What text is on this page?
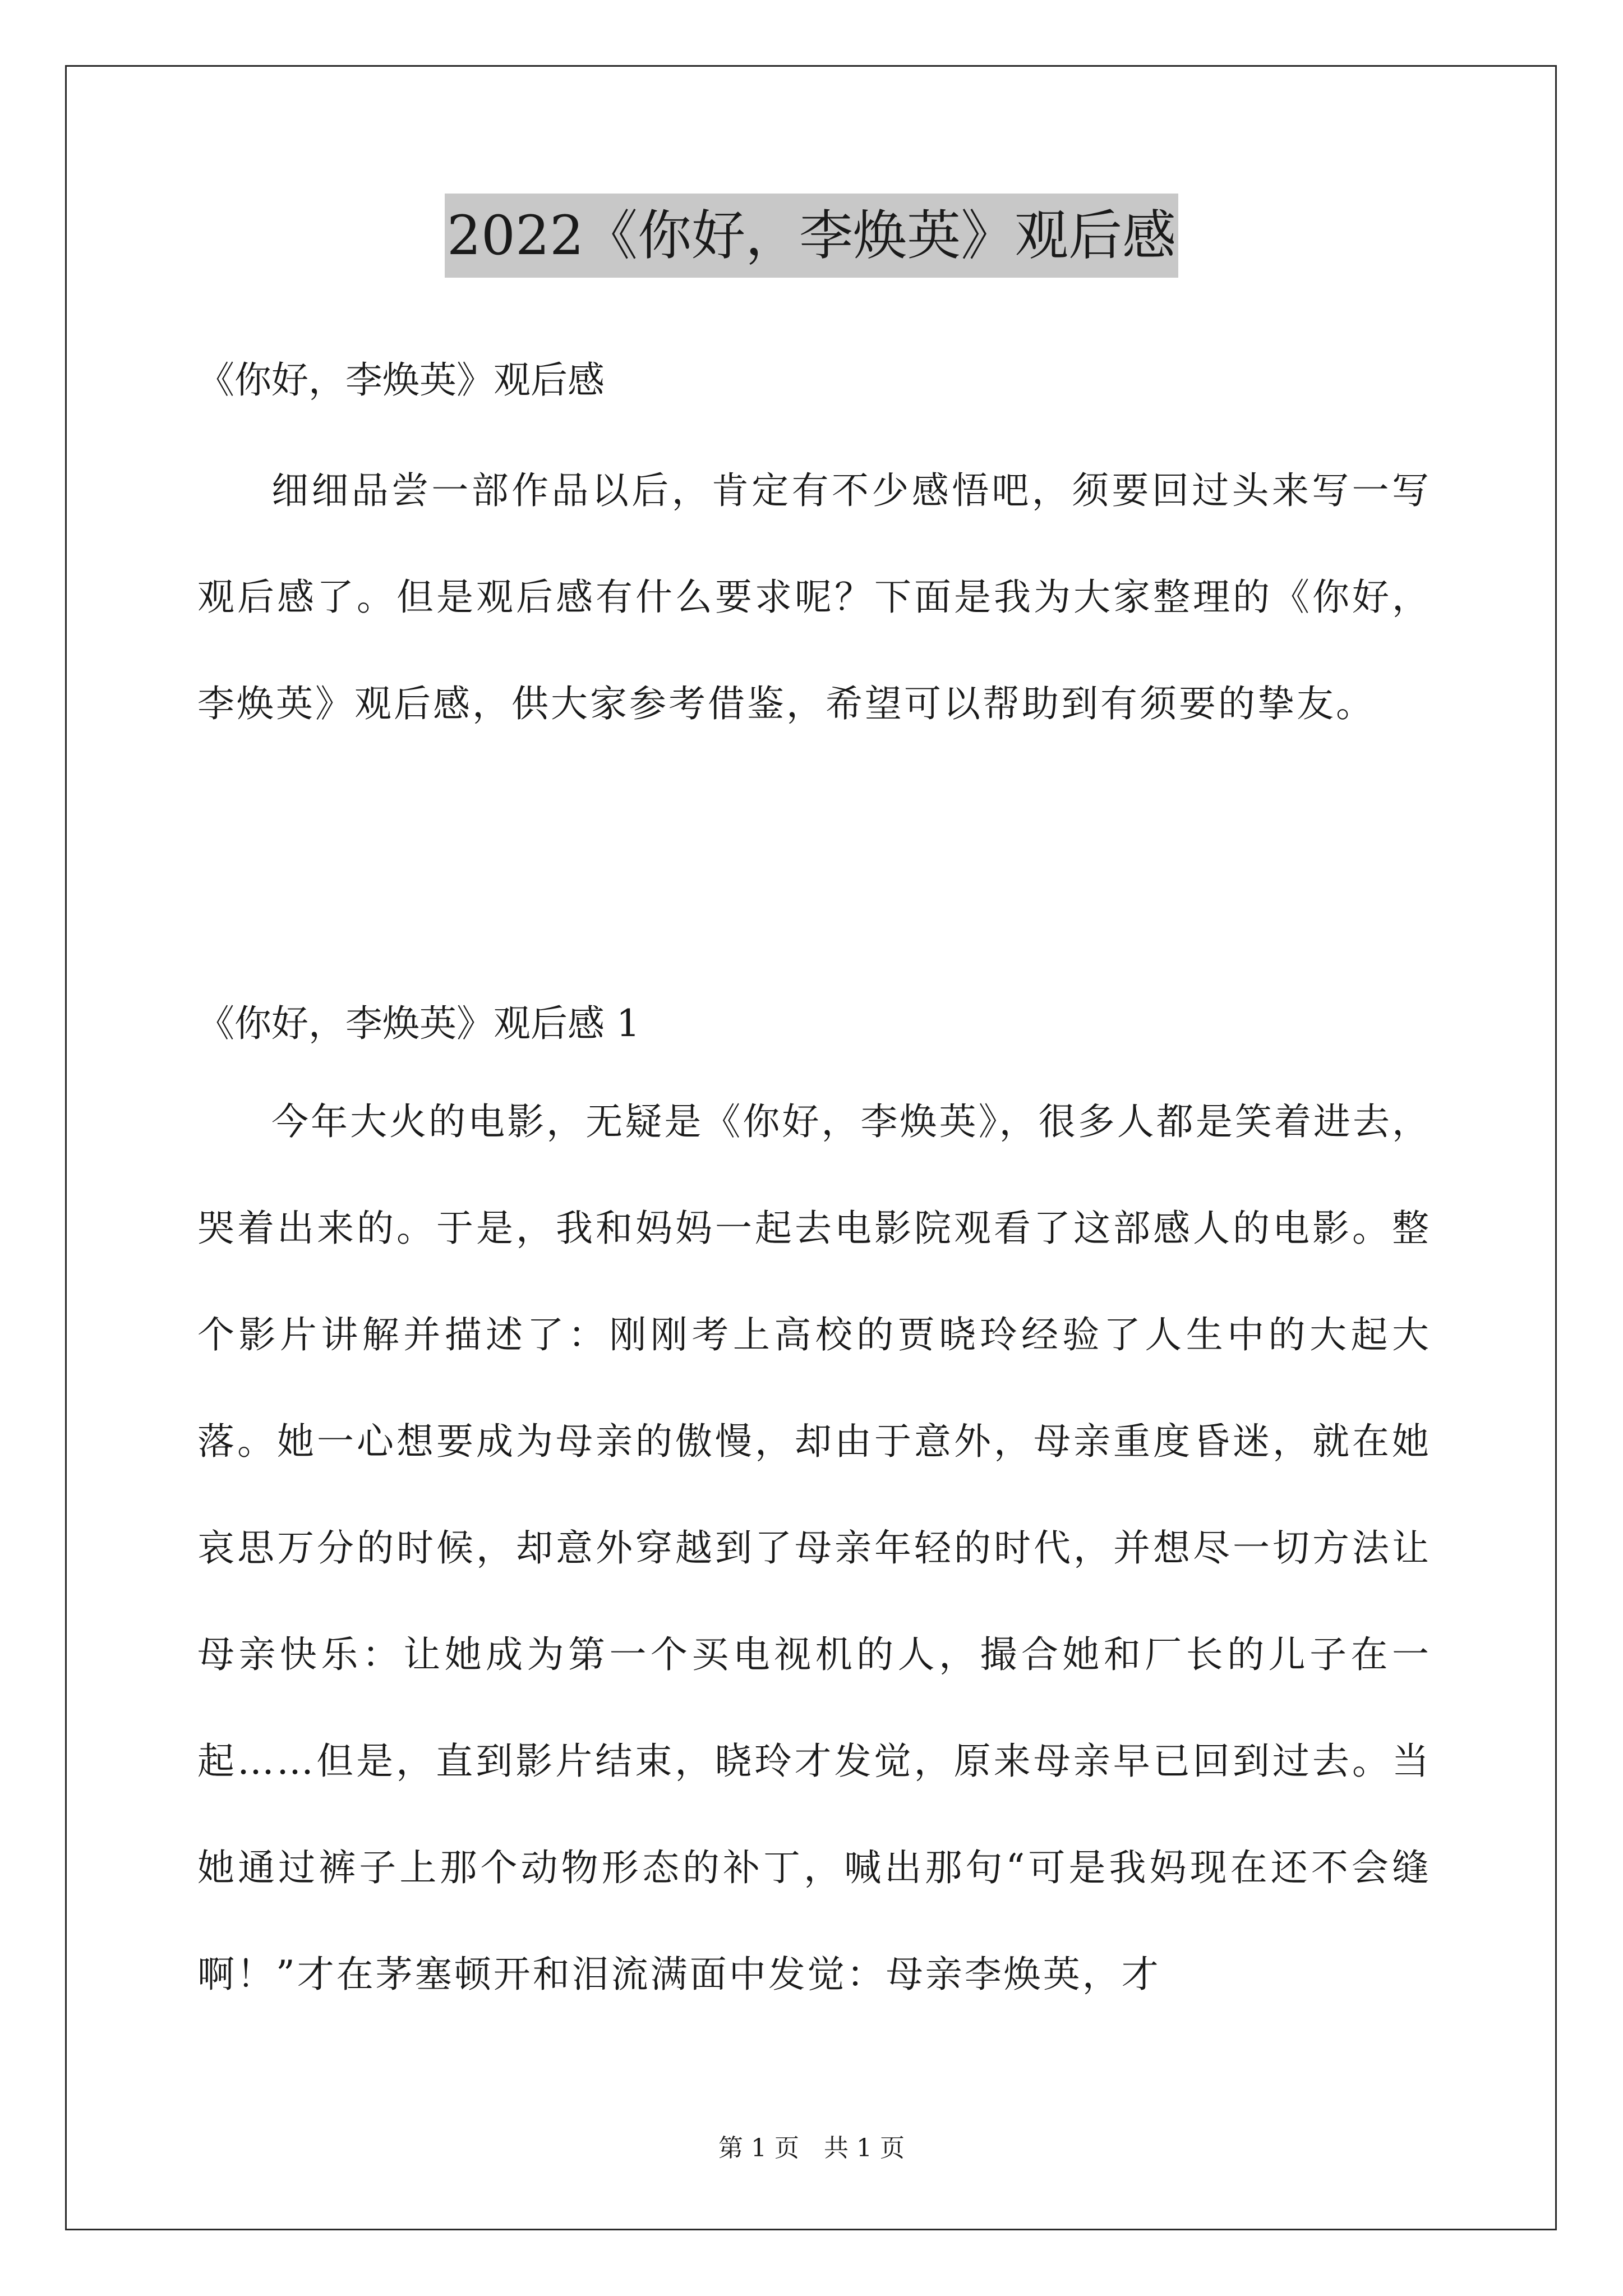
2022《你好，李焕英》观后感

《你好，李焕英》观后感

细细品尝一部作品以后，肯定有不少感悟吧，须要回过头来写一写观后感了。但是观后感有什么要求呢？下面是我为大家整理的《你好，李焕英》观后感，供大家参考借鉴，希望可以帮助到有须要的挚友。

《你好，李焕英》观后感 1

今年大火的电影，无疑是《你好，李焕英》，很多人都是笑着进去，哭着出来的。于是，我和妈妈一起去电影院观看了这部感人的电影。整个影片讲解并描述了：刚刚考上高校的贾晓玲经验了人生中的大起大落。她一心想要成为母亲的傲慢，却由于意外，母亲重度昏迷，就在她哀思万分的时候，却意外穿越到了母亲年轻的时代，并想尽一切方法让母亲快乐：让她成为第一个买电视机的人，撮合她和厂长的儿子在一起……但是，直到影片结束，晓玲才发觉，原来母亲早已回到过去。当她通过裤子上那个动物形态的补丁，喊出那句“可是我妈现在还不会缝啊！”才在茅塞顿开和泪流满面中发觉：母亲李焕英，才

第 1 页　共 1 页
